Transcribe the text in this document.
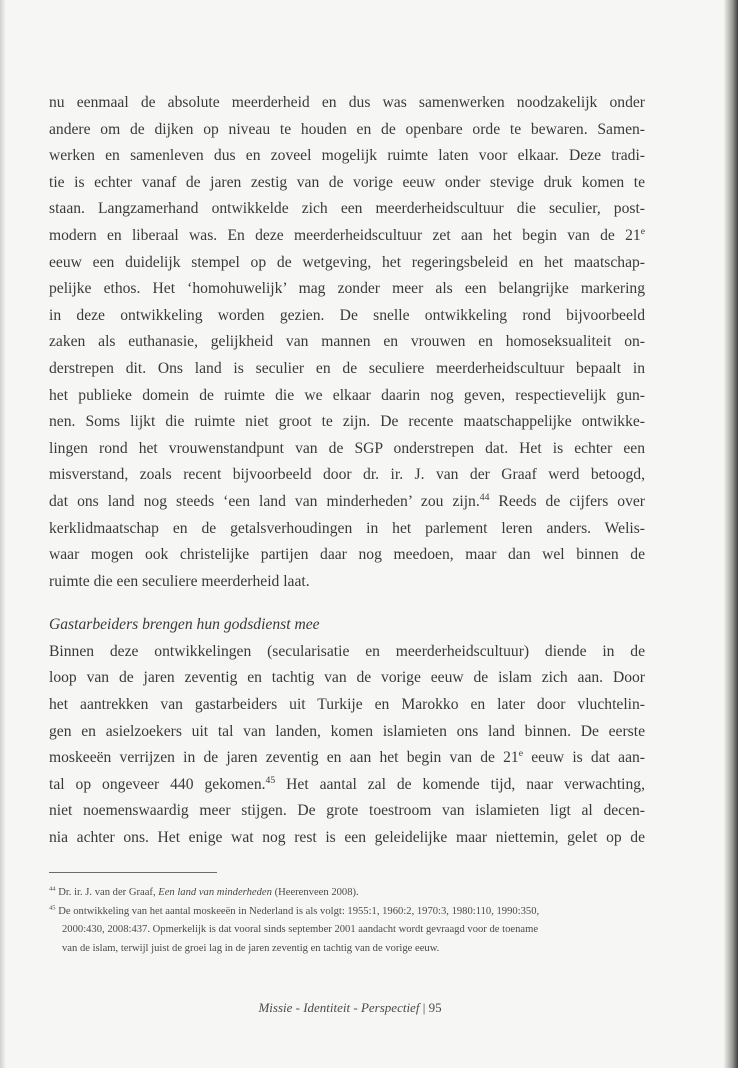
nu eenmaal de absolute meerderheid en dus was samenwerken noodzakelijk onder
andere om de dijken op niveau te houden en de openbare orde te bewaren. Samen-
werken en samenleven dus en zoveel mogelijk ruimte laten voor elkaar. Deze tradi-
tie is echter vanaf de jaren zestig van de vorige eeuw onder stevige druk komen te
staan. Langzamerhand ontwikkelde zich een meerderheidscultuur die seculier, post-
modern en liberaal was. En deze meerderheidscultuur zet aan het begin van de 21e
eeuw een duidelijk stempel op de wetgeving, het regeringsbeleid en het maatschap-
pelijke ethos. Het ‘homohuwelijk’ mag zonder meer als een belangrijke markering
in deze ontwikkeling worden gezien. De snelle ontwikkeling rond bijvoorbeeld
zaken als euthanasie, gelijkheid van mannen en vrouwen en homoseksualiteit on-
derstrepen dit. Ons land is seculier en de seculiere meerderheidscultuur bepaalt in
het publieke domein de ruimte die we elkaar daarin nog geven, respectievelijk gun-
nen. Soms lijkt die ruimte niet groot te zijn. De recente maatschappelijke ontwikke-
lingen rond het vrouwenstandpunt van de SGP onderstrepen dat. Het is echter een
misverstand, zoals recent bijvoorbeeld door dr. ir. J. van der Graaf werd betoogd,
dat ons land nog steeds ‘een land van minderheden’ zou zijn.$^{44}$ Reeds de cijfers over
kerklidmaatschap en de getalsverhoudingen in het parlement leren anders. Welis-
waar mogen ook christelijke partijen daar nog meedoen, maar dan wel binnen de
ruimte die een seculiere meerderheid laat.
Gastarbeiders brengen hun godsdienst mee
Binnen deze ontwikkelingen (secularisatie en meerderheidscultuur) diende in de
loop van de jaren zeventig en tachtig van de vorige eeuw de islam zich aan. Door
het aantrekken van gastarbeiders uit Turkije en Marokko en later door vluchtelin-
gen en asielzoekers uit tal van landen, komen islamieten ons land binnen. De eerste
moskeeën verrijzen in de jaren zeventig en aan het begin van de 21e eeuw is dat aan-
tal op ongeveer 440 gekomen.$^{45}$ Het aantal zal de komende tijd, naar verwachting,
niet noemenswaardig meer stijgen. De grote toestroom van islamieten ligt al decen-
nia achter ons. Het enige wat nog rest is een geleidelijke maar niettemin, gelet op de
$^{44}$ Dr. ir. J. van der Graaf, Een land van minderheden (Heerenveen 2008).
$^{45}$ De ontwikkeling van het aantal moskeeën in Nederland is als volgt: 1955:1, 1960:2, 1970:3, 1980:110, 1990:350,
2000:430, 2008:437. Opmerkelijk is dat vooral sinds september 2001 aandacht wordt gevraagd voor de toename
van de islam, terwijl juist de groei lag in de jaren zeventig en tachtig van de vorige eeuw.
Missie - Identiteit - Perspectief | 95
